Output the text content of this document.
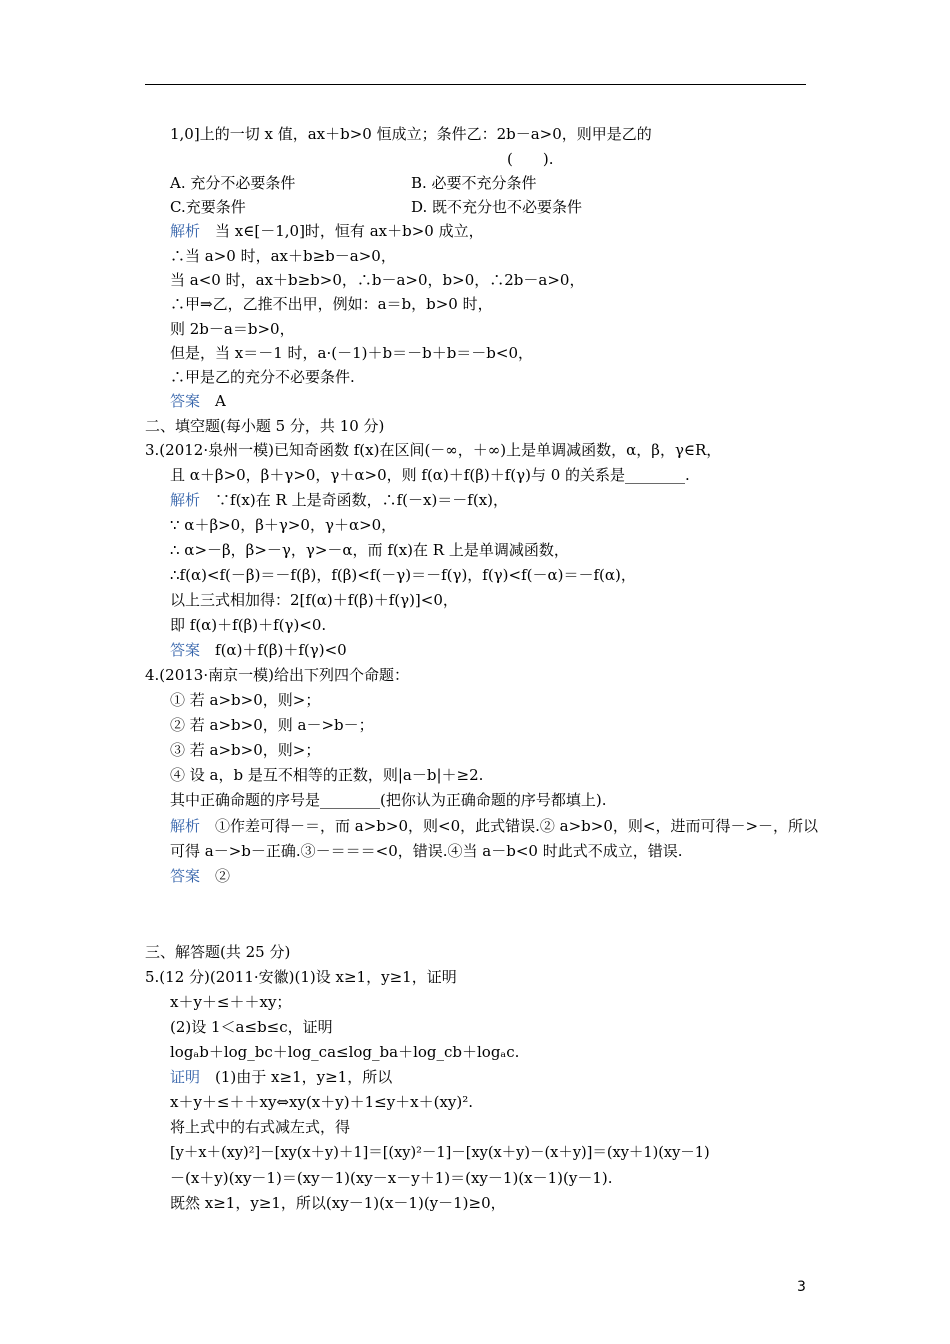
1,0]上的一切 x 值，ax＋b>0 恒成立；条件乙：2b－a>0，则甲是乙的
(　　).
A. 充分不必要条件	B. 必要不充分条件
C.充要条件	D. 既不充分也不必要条件
解析　 当 x∈[－1,0]时，恒有 ax＋b>0 成立，
∴当 a>0 时，ax＋b≥b－a>0，
当 a<0 时，ax＋b≥b>0，∴b－a>0，b>0，∴2b－a>0，
∴甲⇒乙，乙推不出甲，例如：a＝b，b>0 时，
则 2b－a＝b>0，
但是，当 x＝－1 时，a·(－1)＋b＝－b＋b＝－b<0，
∴甲是乙的充分不必要条件.
答案　 A
二、填空题(每小题 5 分，共 10 分)
3.(2012·泉州一模)已知奇函数 f(x)在区间(－∞，＋∞)上是单调减函数，α，β，γ∈R，
且 α＋β>0，β＋γ>0，γ＋α>0，则 f(α)＋f(β)＋f(γ)与 0 的关系是________.
解析　 ∵f(x)在 R 上是奇函数，∴f(－x)＝－f(x)，
∵ α＋β>0，β＋γ>0，γ＋α>0，
∴ α>－β，β>－γ，γ>－α，而 f(x)在 R 上是单调减函数，
∴f(α)<f(－β)＝－f(β)，f(β)<f(－γ)＝－f(γ)，f(γ)<f(－α)＝－f(α)，
以上三式相加得：2[f(α)＋f(β)＋f(γ)]<0，
即 f(α)＋f(β)＋f(γ)<0.
答案　 f(α)＋f(β)＋f(γ)<0
4.(2013·南京一模)给出下列四个命题：
① 若 a>b>0，则>；
② 若 a>b>0，则 a－>b－；
③ 若 a>b>0，则>；
④ 设 a，b 是互不相等的正数，则|a－b|＋≥2.
其中正确命题的序号是________(把你认为正确命题的序号都填上).
解析　 ①作差可得－＝，而 a>b>0，则<0，此式错误.② a>b>0，则<，进而可得－>－，所以
可得 a－>b－正确.③－＝＝＝<0，错误.④当 a－b<0 时此式不成立，错误.
答案　 ②
三、解答题(共 25 分)
5.(12 分)(2011·安徽)(1)设 x≥1，y≥1，证明
x＋y＋≤＋＋xy；
(2)设 1＜a≤b≤c，证明
logₐb＋log_bc＋log_ca≤log_ba＋log_cb＋logₐc.
证明　 (1)由于 x≥1，y≥1，所以
x＋y＋≤＋＋xy⇔xy(x＋y)＋1≤y＋x＋(xy)².
将上式中的右式减左式，得
[y＋x＋(xy)²]－[xy(x＋y)＋1]＝[(xy)²－1]－[xy(x＋y)－(x＋y)]＝(xy＋1)(xy－1)
－(x＋y)(xy－1)＝(xy－1)(xy－x－y＋1)＝(xy－1)(x－1)(y－1).
既然 x≥1，y≥1，所以(xy－1)(x－1)(y－1)≥0，
3
